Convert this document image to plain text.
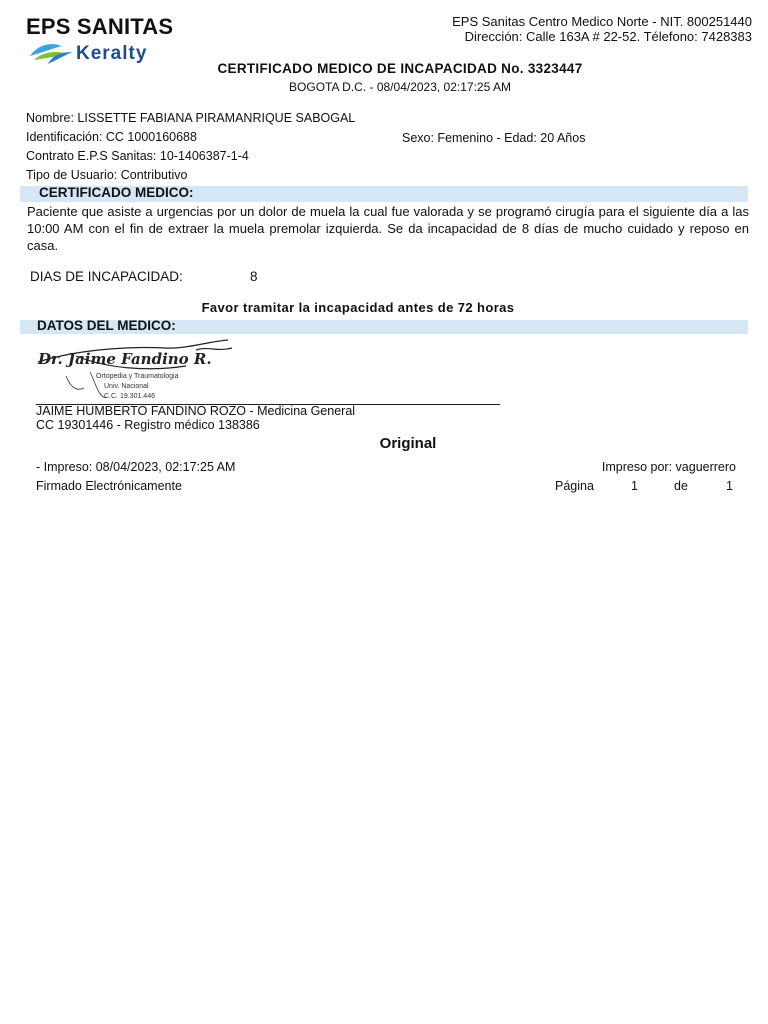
EPS SANITAS
Keralty
EPS Sanitas Centro Medico Norte - NIT. 800251440
Dirección: Calle 163A # 22-52. Télefono: 7428383
CERTIFICADO MEDICO DE INCAPACIDAD No. 3323447
BOGOTA D.C. - 08/04/2023, 02:17:25 AM
Nombre: LISSETTE FABIANA PIRAMANRIQUE SABOGAL
Identificación: CC 1000160688	Sexo: Femenino - Edad: 20 Años
Contrato E.P.S Sanitas: 10-1406387-1-4
Tipo de Usuario: Contributivo
CERTIFICADO MEDICO:
Paciente que asiste a urgencias por un dolor de muela la cual fue valorada y se programó cirugía para el siguiente día a las 10:00 AM con el fin de extraer la muela premolar izquierda. Se da incapacidad de 8 días de mucho cuidado y reposo en casa.
DIAS DE INCAPACIDAD:	8
Favor tramitar la incapacidad antes de 72 horas
DATOS DEL MEDICO:
Dr. Jaime Fandino R.
Ortopedia y Traumatologia
Univ. Nacional
C.C. 19.301.446
JAIME HUMBERTO FANDINO ROZO - Medicina General
CC 19301446 - Registro médico 138386
Original
- Impreso: 08/04/2023, 02:17:25 AM	Impreso por: vaguerrero
Firmado Electrónicamente	Página	1	de	1
